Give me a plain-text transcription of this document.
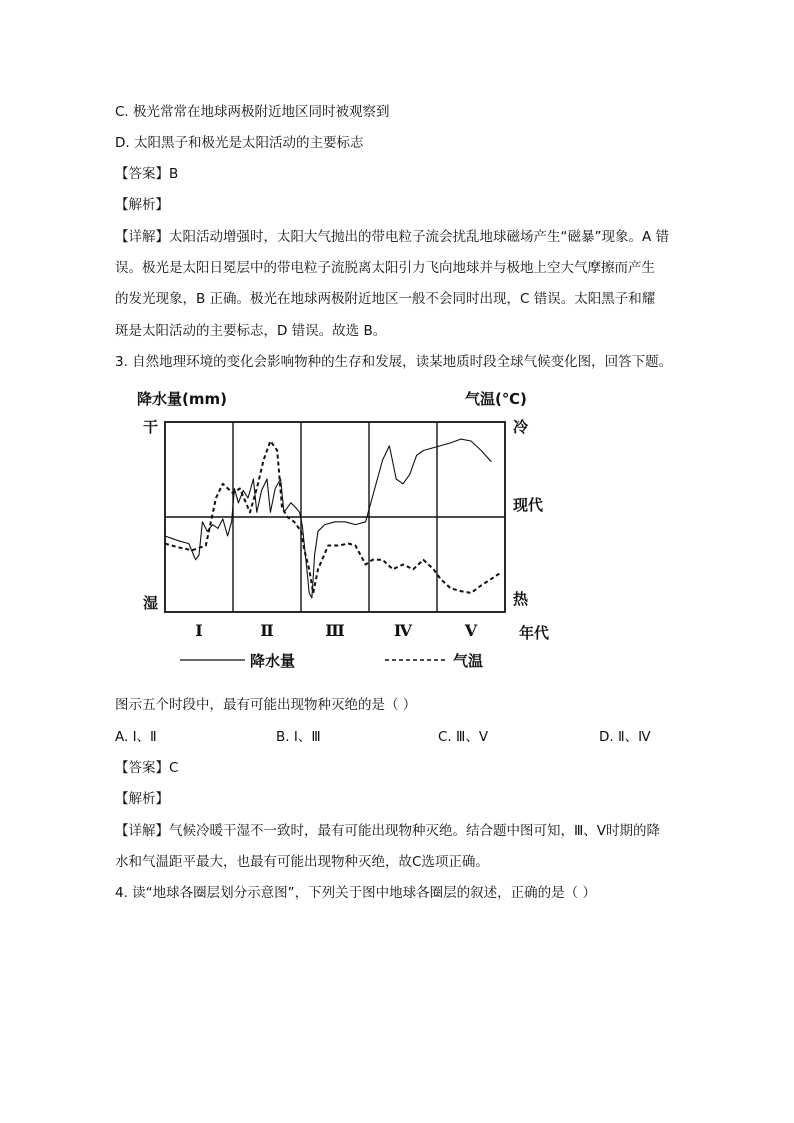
C. 极光常常在地球两极附近地区同时被观察到
D. 太阳黑子和极光是太阳活动的主要标志
【答案】B
【解析】
【详解】太阳活动增强时，太阳大气抛出的带电粒子流会扰乱地球磁场产生“磁暴”现象。A 错
误。极光是太阳日冕层中的带电粒子流脱离太阳引力飞向地球并与极地上空大气摩擦而产生
的发光现象，B 正确。极光在地球两极附近地区一般不会同时出现，C 错误。太阳黑子和耀
斑是太阳活动的主要标志，D 错误。故选 B。
3. 自然地理环境的变化会影响物种的生存和发展，读某地质时段全球气候变化图，回答下题。
降水量(mm)	气温(℃)
干
湿
冷
现代
热
年代
Ⅰ	Ⅱ	Ⅲ	Ⅳ	Ⅴ
降水量	气温
图示五个时段中，最有可能出现物种灭绝的是（ ）
A. Ⅰ、Ⅱ	B. Ⅰ、Ⅲ	C. Ⅲ、Ⅴ	D. Ⅱ、Ⅳ
【答案】C
【解析】
【详解】气候冷暖干湿不一致时，最有可能出现物种灭绝。结合题中图可知，Ⅲ、Ⅴ时期的降
水和气温距平最大，也最有可能出现物种灭绝，故C选项正确。
4. 读“地球各圈层划分示意图”，下列关于图中地球各圈层的叙述，正确的是（ ）
